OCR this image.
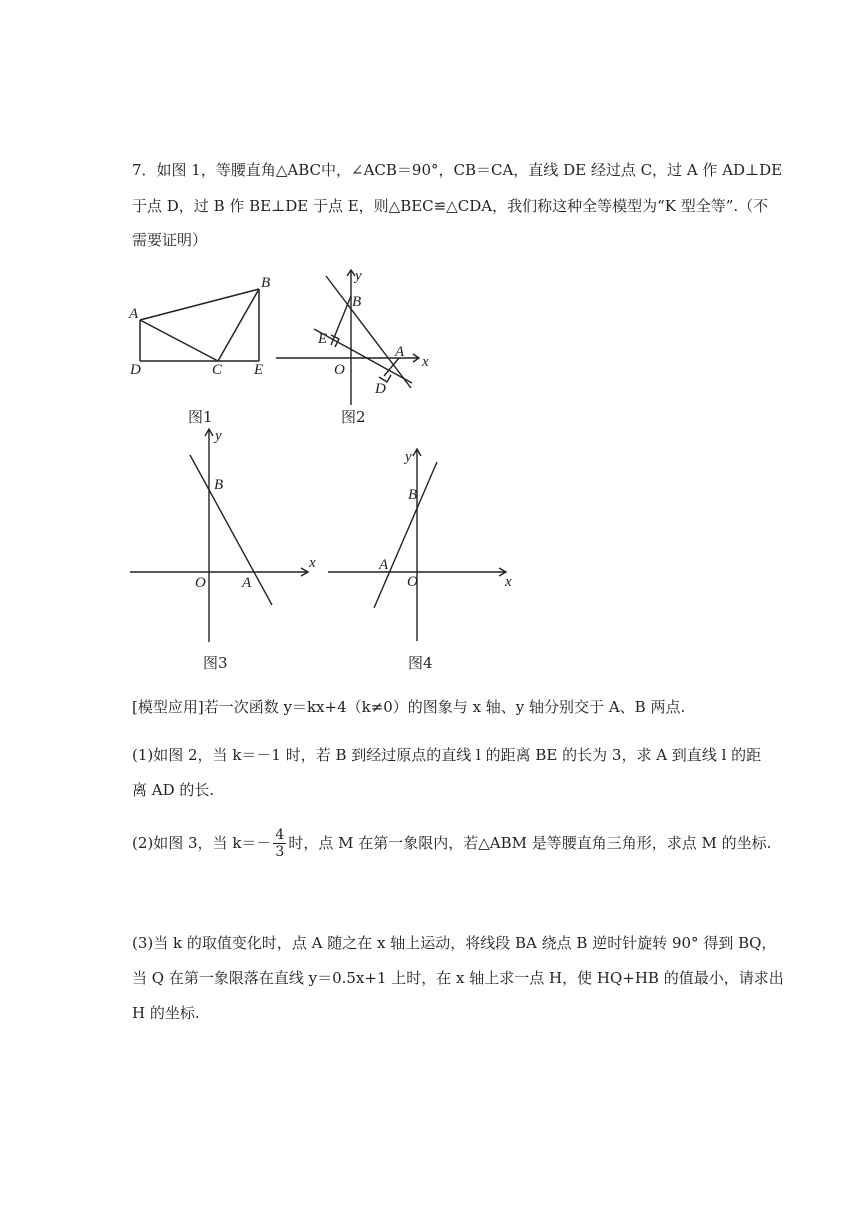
7．如图 1，等腰直角△ABC中，∠ACB＝90°，CB＝CA，直线 DE 经过点 C，过 A 作 AD⊥DE
于点 D，过 B 作 BE⊥DE 于点 E，则△BEC≌△CDA，我们称这种全等模型为“K 型全等”.（不
需要证明）
A
B
C
D	E
图1
y
x
B
E
A
O
D
图2
y
x
B
O A
图3
y
x
B
A
O
图4
[模型应用]若一次函数 y＝kx+4（k≠0）的图象与 x 轴、y 轴分别交于 A、B 两点.
(1)如图 2，当 k＝－1 时，若 B 到经过原点的直线 l 的距离 BE 的长为 3，求 A 到直线 l 的距
离 AD 的长.
(2)如图 3，当 $k=- \frac{4}{3}$ 时，点 M 在第一象限内，若△ABM 是等腰直角三角形，求点 M 的坐标.
(3)当 k 的取值变化时，点 A 随之在 x 轴上运动，将线段 BA 绕点 B 逆时针旋转 90° 得到 BQ，
当 Q 在第一象限落在直线 y＝0.5x+1 上时，在 x 轴上求一点 H，使 HQ+HB 的值最小，请求出
H 的坐标.
